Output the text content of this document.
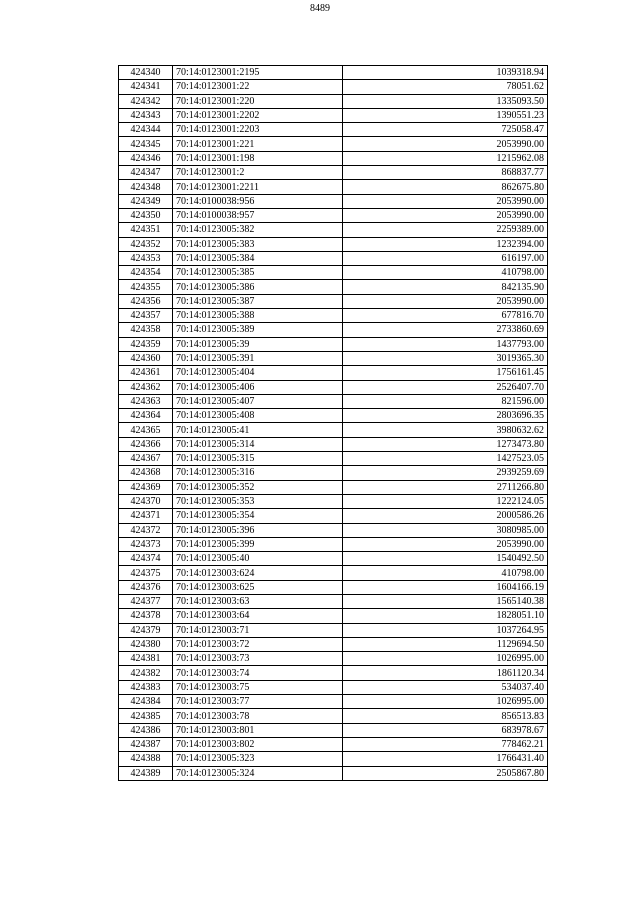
8489
424340	70:14:0123001:2195	1039318.94
424341	70:14:0123001:22	78051.62
424342	70:14:0123001:220	1335093.50
424343	70:14:0123001:2202	1390551.23
424344	70:14:0123001:2203	725058.47
424345	70:14:0123001:221	2053990.00
424346	70:14:0123001:198	1215962.08
424347	70:14:0123001:2	868837.77
424348	70:14:0123001:2211	862675.80
424349	70:14:0100038:956	2053990.00
424350	70:14:0100038:957	2053990.00
424351	70:14:0123005:382	2259389.00
424352	70:14:0123005:383	1232394.00
424353	70:14:0123005:384	616197.00
424354	70:14:0123005:385	410798.00
424355	70:14:0123005:386	842135.90
424356	70:14:0123005:387	2053990.00
424357	70:14:0123005:388	677816.70
424358	70:14:0123005:389	2733860.69
424359	70:14:0123005:39	1437793.00
424360	70:14:0123005:391	3019365.30
424361	70:14:0123005:404	1756161.45
424362	70:14:0123005:406	2526407.70
424363	70:14:0123005:407	821596.00
424364	70:14:0123005:408	2803696.35
424365	70:14:0123005:41	3980632.62
424366	70:14:0123005:314	1273473.80
424367	70:14:0123005:315	1427523.05
424368	70:14:0123005:316	2939259.69
424369	70:14:0123005:352	2711266.80
424370	70:14:0123005:353	1222124.05
424371	70:14:0123005:354	2000586.26
424372	70:14:0123005:396	3080985.00
424373	70:14:0123005:399	2053990.00
424374	70:14:0123005:40	1540492.50
424375	70:14:0123003:624	410798.00
424376	70:14:0123003:625	1604166.19
424377	70:14:0123003:63	1565140.38
424378	70:14:0123003:64	1828051.10
424379	70:14:0123003:71	1037264.95
424380	70:14:0123003:72	1129694.50
424381	70:14:0123003:73	1026995.00
424382	70:14:0123003:74	1861120.34
424383	70:14:0123003:75	534037.40
424384	70:14:0123003:77	1026995.00
424385	70:14:0123003:78	856513.83
424386	70:14:0123003:801	683978.67
424387	70:14:0123003:802	778462.21
424388	70:14:0123005:323	1766431.40
424389	70:14:0123005:324	2505867.80
